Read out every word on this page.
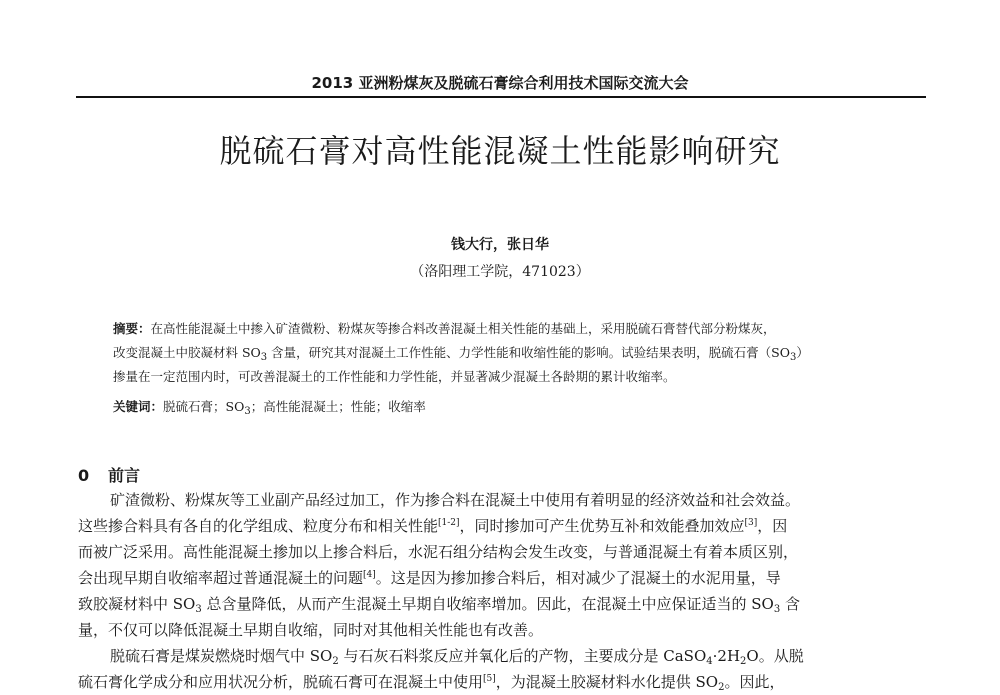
2013 亚洲粉煤灰及脱硫石膏综合利用技术国际交流大会
脱硫石膏对高性能混凝土性能影响研究
钱大行，张日华
（洛阳理工学院，471023）
摘要：在高性能混凝土中掺入矿渣微粉、粉煤灰等掺合料改善混凝土相关性能的基础上，采用脱硫石膏替代部分粉煤灰，
改变混凝土中胶凝材料 $SO_3$ 含量，研究其对混凝土工作性能、力学性能和收缩性能的影响。试验结果表明，脱硫石膏$(SO_3)$
掺量在一定范围内时，可改善混凝土的工作性能和力学性能，并显著减少混凝土各龄期的累计收缩率。
关键词：脱硫石膏；$SO_3$；高性能混凝土；性能；收缩率
0 前言
矿渣微粉、粉煤灰等工业副产品经过加工，作为掺合料在混凝土中使用有着明显的经济效益和社会效益。
这些掺合料具有各自的化学组成、粒度分布和相关性能[1-2]，同时掺加可产生优势互补和效能叠加效应[3]，因
而被广泛采用。高性能混凝土掺加以上掺合料后，水泥石组分结构会发生改变，与普通混凝土有着本质区别，
会出现早期自收缩率超过普通混凝土的问题[4]。这是因为掺加掺合料后，相对减少了混凝土的水泥用量，导
致胶凝材料中 $SO_3$ 总含量降低，从而产生混凝土早期自收缩率增加。因此，在混凝土中应保证适当的 $SO_3$ 含
量，不仅可以降低混凝土早期自收缩，同时对其他相关性能也有改善。
脱硫石膏是煤炭燃烧时烟气中 $SO_2$ 与石灰石料浆反应并氧化后的产物，主要成分是 $CaSO_4\cdot 2H_2O$。从脱
硫石膏化学成分和应用状况分析，脱硫石膏可在混凝土中使用[5]，为混凝土胶凝材料水化提供 $SO_2$。因此，
